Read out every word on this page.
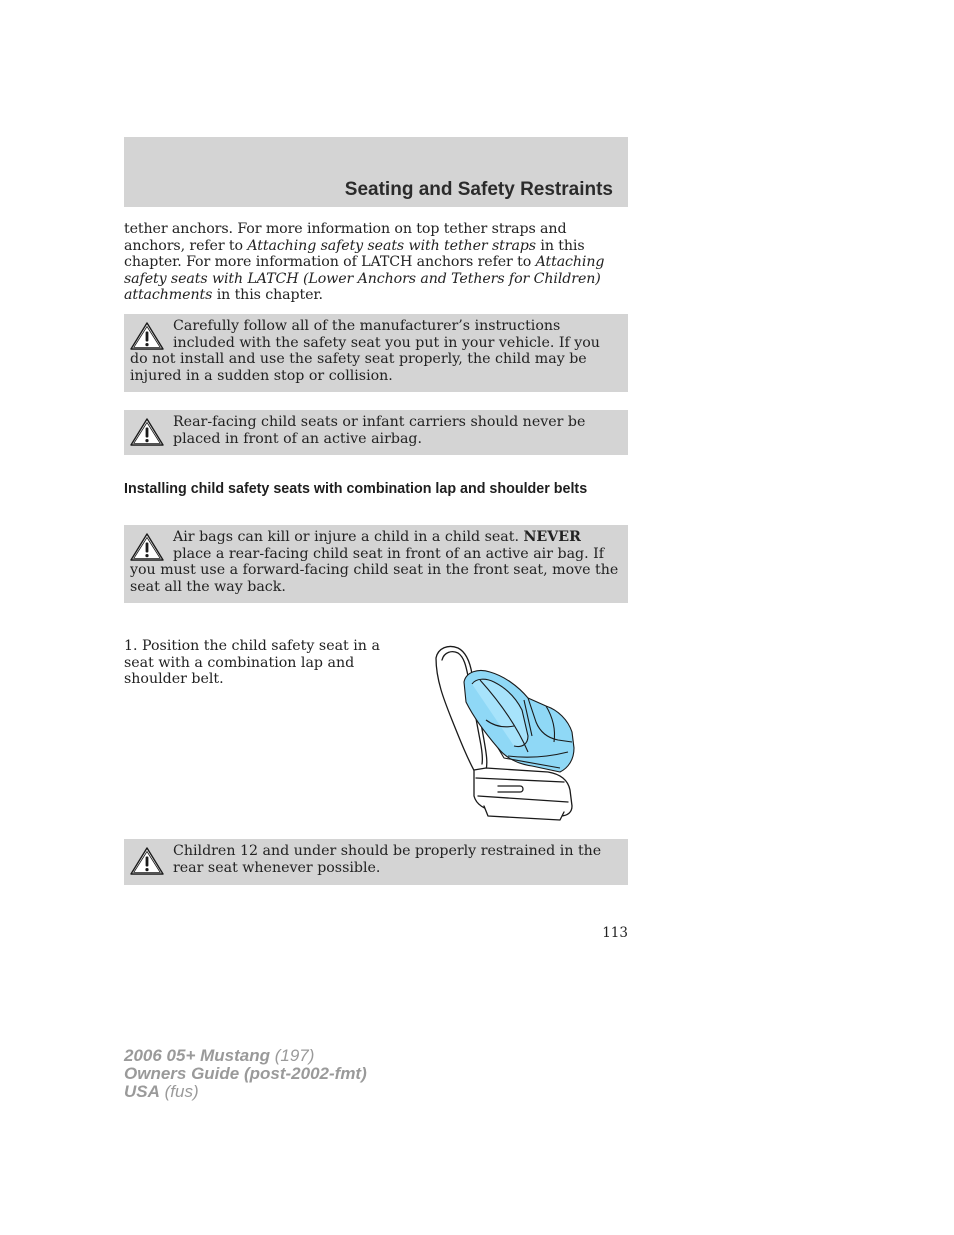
Seating and Safety Restraints
tether anchors. For more information on top tether straps and anchors, refer to Attaching safety seats with tether straps in this chapter. For more information of LATCH anchors refer to Attaching safety seats with LATCH (Lower Anchors and Tethers for Children) attachments in this chapter.
Carefully follow all of the manufacturer’s instructions included with the safety seat you put in your vehicle. If you do not install and use the safety seat properly, the child may be injured in a sudden stop or collision.
Rear-facing child seats or infant carriers should never be placed in front of an active airbag.
Installing child safety seats with combination lap and shoulder belts
Air bags can kill or injure a child in a child seat. NEVER place a rear-facing child seat in front of an active air bag. If you must use a forward-facing child seat in the front seat, move the seat all the way back.
1. Position the child safety seat in a seat with a combination lap and shoulder belt.
Children 12 and under should be properly restrained in the rear seat whenever possible.
113
2006 05+ Mustang (197)
Owners Guide (post-2002-fmt)
USA (fus)
